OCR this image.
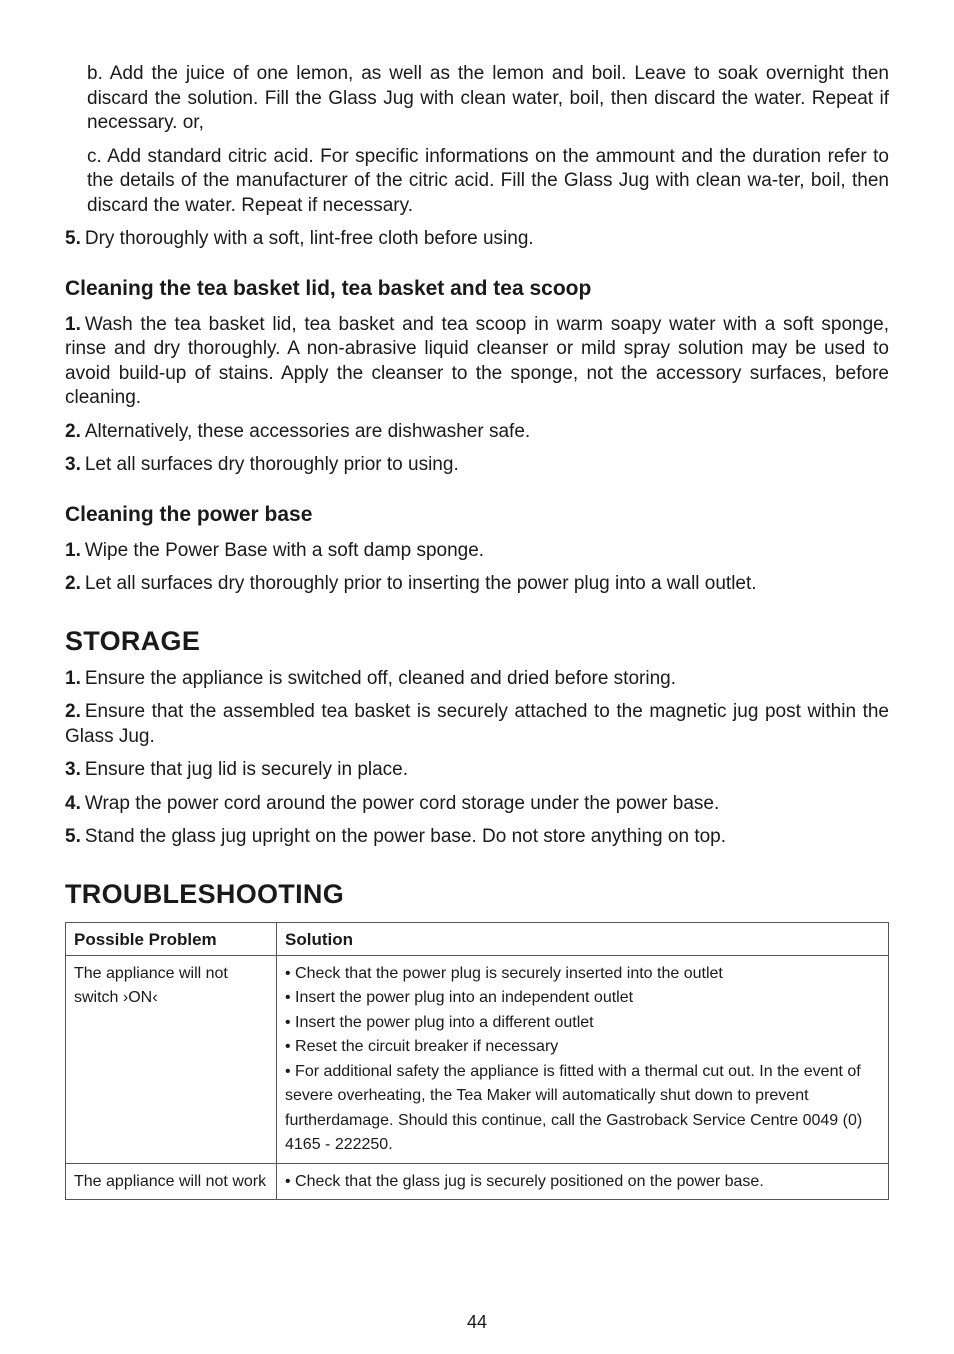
b. Add the juice of one lemon, as well as the lemon and boil. Leave to soak overnight then discard the solution. Fill the Glass Jug with clean water, boil, then discard the water. Repeat if necessary. or,

c. Add standard citric acid. For specific informations on the ammount and the duration refer to the details of the manufacturer of the citric acid. Fill the Glass Jug with clean wa-ter, boil, then discard the water. Repeat if necessary.

5. Dry thoroughly with a soft, lint-free cloth before using.

Cleaning the tea basket lid, tea basket and tea scoop

1. Wash the tea basket lid, tea basket and tea scoop in warm soapy water with a soft sponge, rinse and dry thoroughly. A non-abrasive liquid cleanser or mild spray solution may be used to avoid build-up of stains. Apply the cleanser to the sponge, not the accessory surfaces, before cleaning.

2. Alternatively, these accessories are dishwasher safe.

3. Let all surfaces dry thoroughly prior to using.

Cleaning the power base

1. Wipe the Power Base with a soft damp sponge.

2. Let all surfaces dry thoroughly prior to inserting the power plug into a wall outlet.

STORAGE

1. Ensure the appliance is switched off, cleaned and dried before storing.

2. Ensure that the assembled tea basket is securely attached to the magnetic jug post within the Glass Jug.

3. Ensure that jug lid is securely in place.

4. Wrap the power cord around the power cord storage under the power base.

5. Stand the glass jug upright on the power base. Do not store anything on top.

TROUBLESHOOTING
Possible Problem	Solution

The appliance will not
switch ›ON‹	• Check that the power plug is securely inserted into the outlet
• Insert the power plug into an independent outlet
• Insert the power plug into a different outlet
• Reset the circuit breaker if necessary
• For additional safety the appliance is fitted with a thermal cut out. In the event of severe overheating, the Tea Maker will automatically shut down to prevent furtherdamage. Should this continue, call the Gastroback Service Centre 0049 (0) 4165 - 222250.

The appliance will not work	• Check that the glass jug is securely positioned on the power base.
44
